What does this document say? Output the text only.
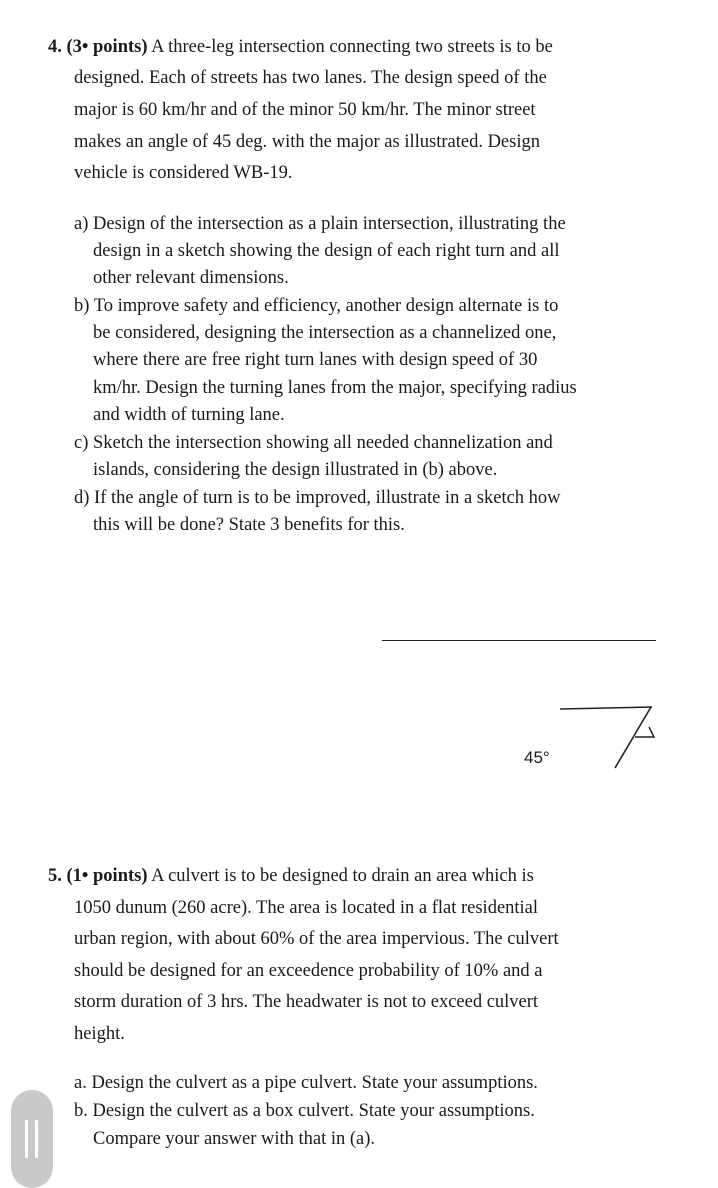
4. (3• points) A three-leg intersection connecting two streets is to be
designed. Each of streets has two lanes. The design speed of the
major is 60 km/hr and of the minor 50 km/hr. The minor street
makes an angle of 45 deg. with the major as illustrated. Design
vehicle is considered WB-19.
a) Design of the intersection as a plain intersection, illustrating the
design in a sketch showing the design of each right turn and all
other relevant dimensions.
b) To improve safety and efficiency, another design alternate is to
be considered, designing the intersection as a channelized one,
where there are free right turn lanes with design speed of 30
km/hr. Design the turning lanes from the major, specifying radius
and width of turning lane.
c) Sketch the intersection showing all needed channelization and
islands, considering the design illustrated in (b) above.
d) If the angle of turn is to be improved, illustrate in a sketch how
this will be done? State 3 benefits for this.
45°
5. (1• points) A culvert is to be designed to drain an area which is
1050 dunum (260 acre). The area is located in a flat residential
urban region, with about 60% of the area impervious. The culvert
should be designed for an exceedence probability of 10% and a
storm duration of 3 hrs. The headwater is not to exceed culvert
height.
a. Design the culvert as a pipe culvert. State your assumptions.
b. Design the culvert as a box culvert. State your assumptions.
Compare your answer with that in (a).
